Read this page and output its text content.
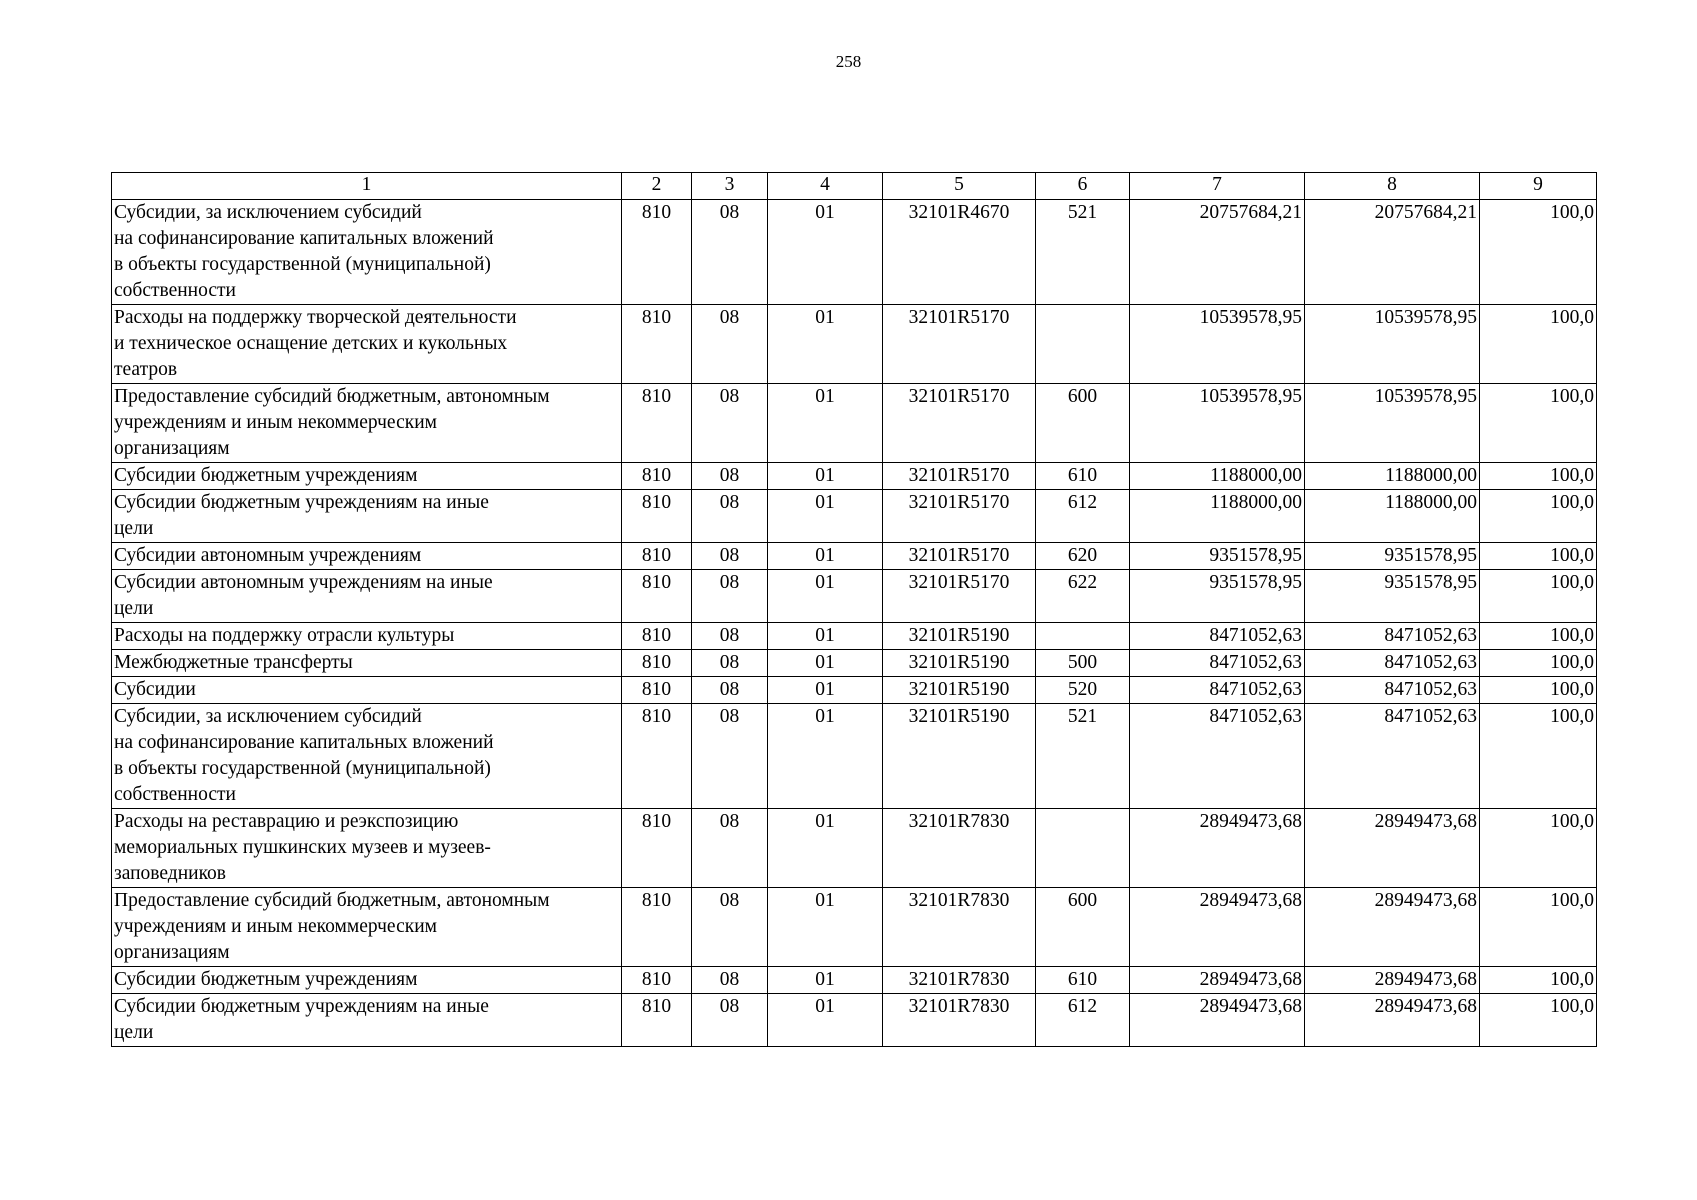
258
1	2	3	4	5	6	7	8	9
Субсидии, за исключением субсидий
на софинансирование капитальных вложений
в объекты государственной (муниципальной)
собственности	810	08	01	32101R4670	521	20757684,21	20757684,21	100,0
Расходы на поддержку творческой деятельности
и техническое оснащение детских и кукольных
театров	810	08	01	32101R5170		10539578,95	10539578,95	100,0
Предоставление субсидий бюджетным, автономным
учреждениям и иным некоммерческим
организациям	810	08	01	32101R5170	600	10539578,95	10539578,95	100,0
Субсидии бюджетным учреждениям	810	08	01	32101R5170	610	1188000,00	1188000,00	100,0
Субсидии бюджетным учреждениям на иные
цели	810	08	01	32101R5170	612	1188000,00	1188000,00	100,0
Субсидии автономным учреждениям	810	08	01	32101R5170	620	9351578,95	9351578,95	100,0
Субсидии автономным учреждениям на иные
цели	810	08	01	32101R5170	622	9351578,95	9351578,95	100,0
Расходы на поддержку отрасли культуры	810	08	01	32101R5190		8471052,63	8471052,63	100,0
Межбюджетные трансферты	810	08	01	32101R5190	500	8471052,63	8471052,63	100,0
Субсидии	810	08	01	32101R5190	520	8471052,63	8471052,63	100,0
Субсидии, за исключением субсидий
на софинансирование капитальных вложений
в объекты государственной (муниципальной)
собственности	810	08	01	32101R5190	521	8471052,63	8471052,63	100,0
Расходы на реставрацию и реэкспозицию
мемориальных пушкинских музеев и музеев-
заповедников	810	08	01	32101R7830		28949473,68	28949473,68	100,0
Предоставление субсидий бюджетным, автономным
учреждениям и иным некоммерческим
организациям	810	08	01	32101R7830	600	28949473,68	28949473,68	100,0
Субсидии бюджетным учреждениям	810	08	01	32101R7830	610	28949473,68	28949473,68	100,0
Субсидии бюджетным учреждениям на иные
цели	810	08	01	32101R7830	612	28949473,68	28949473,68	100,0
